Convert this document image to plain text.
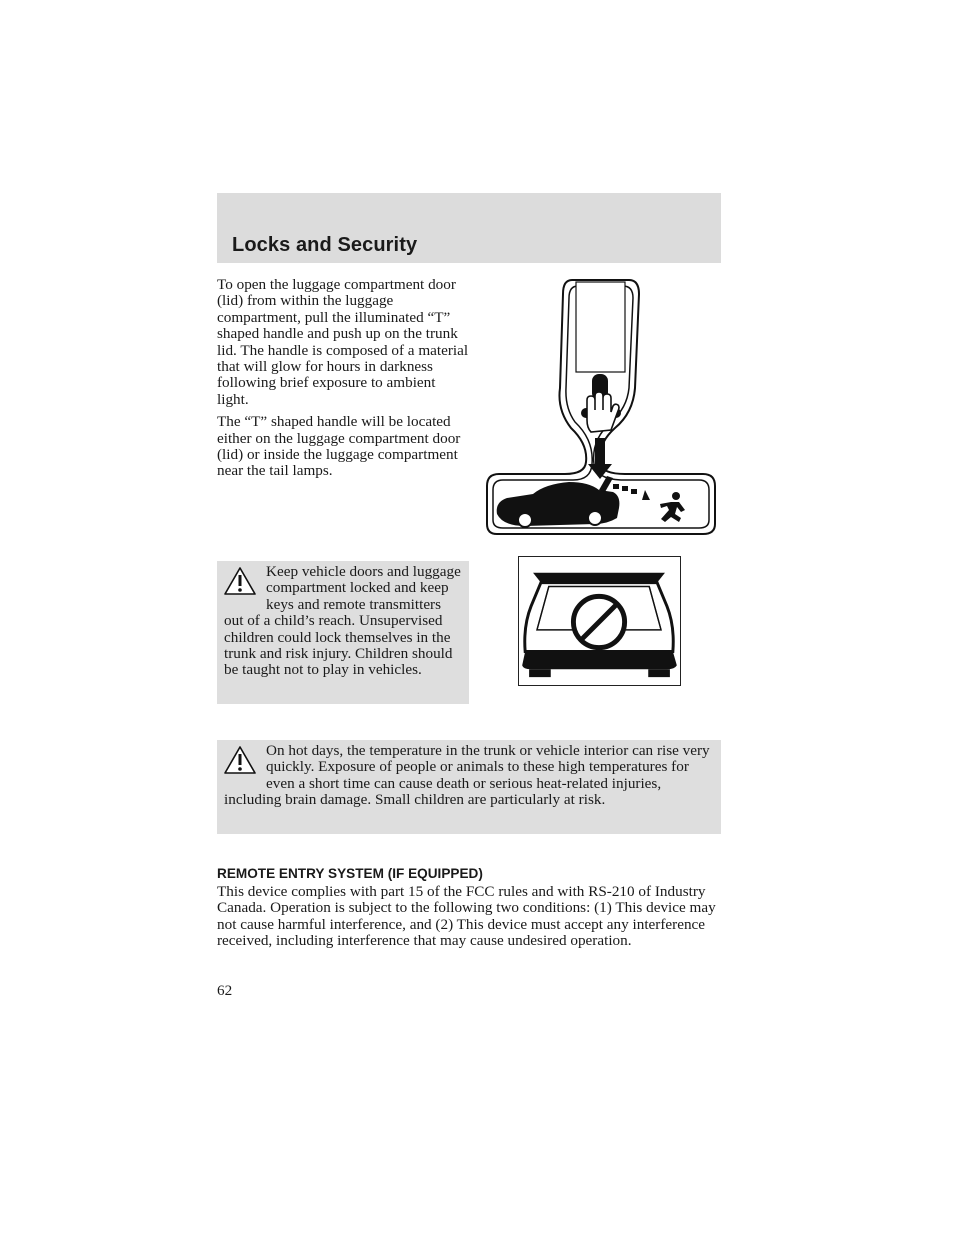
Locks and Security

To open the luggage compartment door (lid) from within the luggage compartment, pull the illuminated “T” shaped handle and push up on the trunk lid. The handle is composed of a material that will glow for hours in darkness following brief exposure to ambient light.

The “T” shaped handle will be located either on the luggage compartment door (lid) or inside the luggage compartment near the tail lamps.

Keep vehicle doors and luggage compartment locked and keep keys and remote transmitters out of a child’s reach. Unsupervised children could lock themselves in the trunk and risk injury. Children should be taught not to play in vehicles.

On hot days, the temperature in the trunk or vehicle interior can rise very quickly. Exposure of people or animals to these high temperatures for even a short time can cause death or serious heat-related injuries, including brain damage. Small children are particularly at risk.

REMOTE ENTRY SYSTEM (IF EQUIPPED)

This device complies with part 15 of the FCC rules and with RS-210 of Industry Canada. Operation is subject to the following two conditions: (1) This device may not cause harmful interference, and (2) This device must accept any interference received, including interference that may cause undesired operation.

62
